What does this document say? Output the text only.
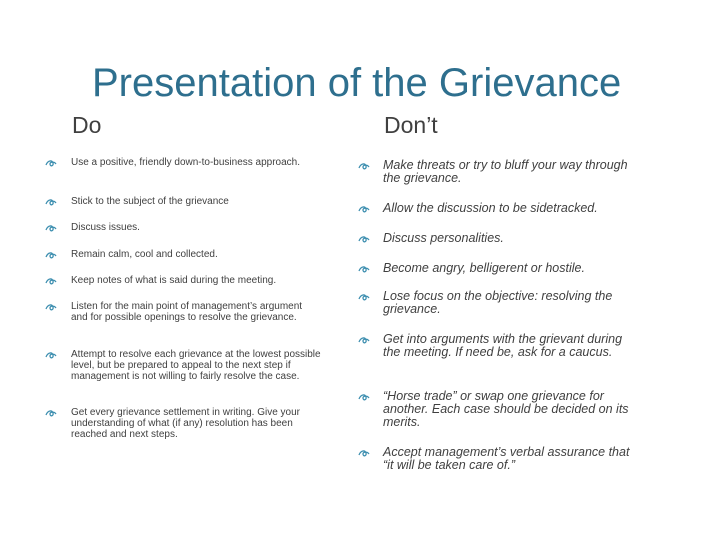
Presentation of the Grievance
Do	Don’t
Use a positive, friendly down-to-business approach.
Stick to the subject of the grievance
Discuss issues.
Remain calm, cool and collected.
Keep notes of what is said during the meeting.
Listen for the main point of management’s argument and for possible openings to resolve the grievance.
Attempt to resolve each grievance at the lowest possible level, but be prepared to appeal to the next step if management is not willing to fairly resolve the case.
Get every grievance settlement in writing. Give your understanding of what (if any) resolution has been reached and next steps.
Make threats or try to bluff your way through the grievance.
Allow the discussion to be sidetracked.
Discuss personalities.
Become angry, belligerent or hostile.
Lose focus on the objective: resolving the grievance.
Get into arguments with the grievant during the meeting. If need be, ask for a caucus.
“Horse trade” or swap one grievance for another. Each case should be decided on its merits.
Accept management’s verbal assurance that “it will be taken care of.”
